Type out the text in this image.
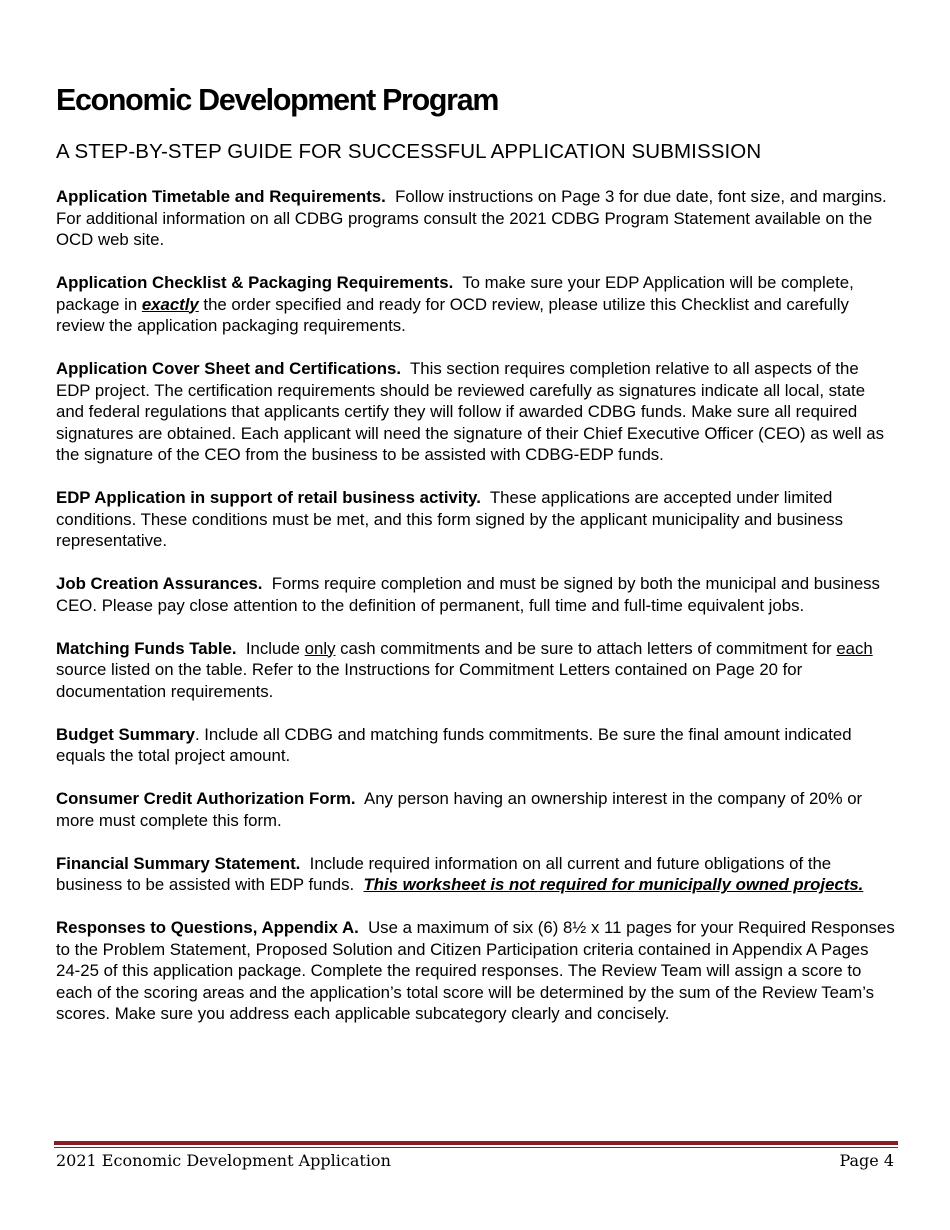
Economic Development Program

A STEP-BY-STEP GUIDE FOR SUCCESSFUL APPLICATION SUBMISSION

Application Timetable and Requirements. Follow instructions on Page 3 for due date, font size, and margins. For additional information on all CDBG programs consult the 2021 CDBG Program Statement available on the OCD web site.

Application Checklist & Packaging Requirements. To make sure your EDP Application will be complete, package in exactly the order specified and ready for OCD review, please utilize this Checklist and carefully review the application packaging requirements.

Application Cover Sheet and Certifications. This section requires completion relative to all aspects of the EDP project. The certification requirements should be reviewed carefully as signatures indicate all local, state and federal regulations that applicants certify they will follow if awarded CDBG funds. Make sure all required signatures are obtained. Each applicant will need the signature of their Chief Executive Officer (CEO) as well as the signature of the CEO from the business to be assisted with CDBG-EDP funds.

EDP Application in support of retail business activity. These applications are accepted under limited conditions. These conditions must be met, and this form signed by the applicant municipality and business representative.

Job Creation Assurances. Forms require completion and must be signed by both the municipal and business CEO. Please pay close attention to the definition of permanent, full time and full-time equivalent jobs.

Matching Funds Table. Include only cash commitments and be sure to attach letters of commitment for each source listed on the table. Refer to the Instructions for Commitment Letters contained on Page 20 for documentation requirements.

Budget Summary. Include all CDBG and matching funds commitments. Be sure the final amount indicated equals the total project amount.

Consumer Credit Authorization Form. Any person having an ownership interest in the company of 20% or more must complete this form.

Financial Summary Statement. Include required information on all current and future obligations of the business to be assisted with EDP funds. This worksheet is not required for municipally owned projects.

Responses to Questions, Appendix A. Use a maximum of six (6) 8½ x 11 pages for your Required Responses to the Problem Statement, Proposed Solution and Citizen Participation criteria contained in Appendix A Pages 24-25 of this application package. Complete the required responses. The Review Team will assign a score to each of the scoring areas and the application’s total score will be determined by the sum of the Review Team’s scores. Make sure you address each applicable subcategory clearly and concisely.

2021 Economic Development Application	Page 4
